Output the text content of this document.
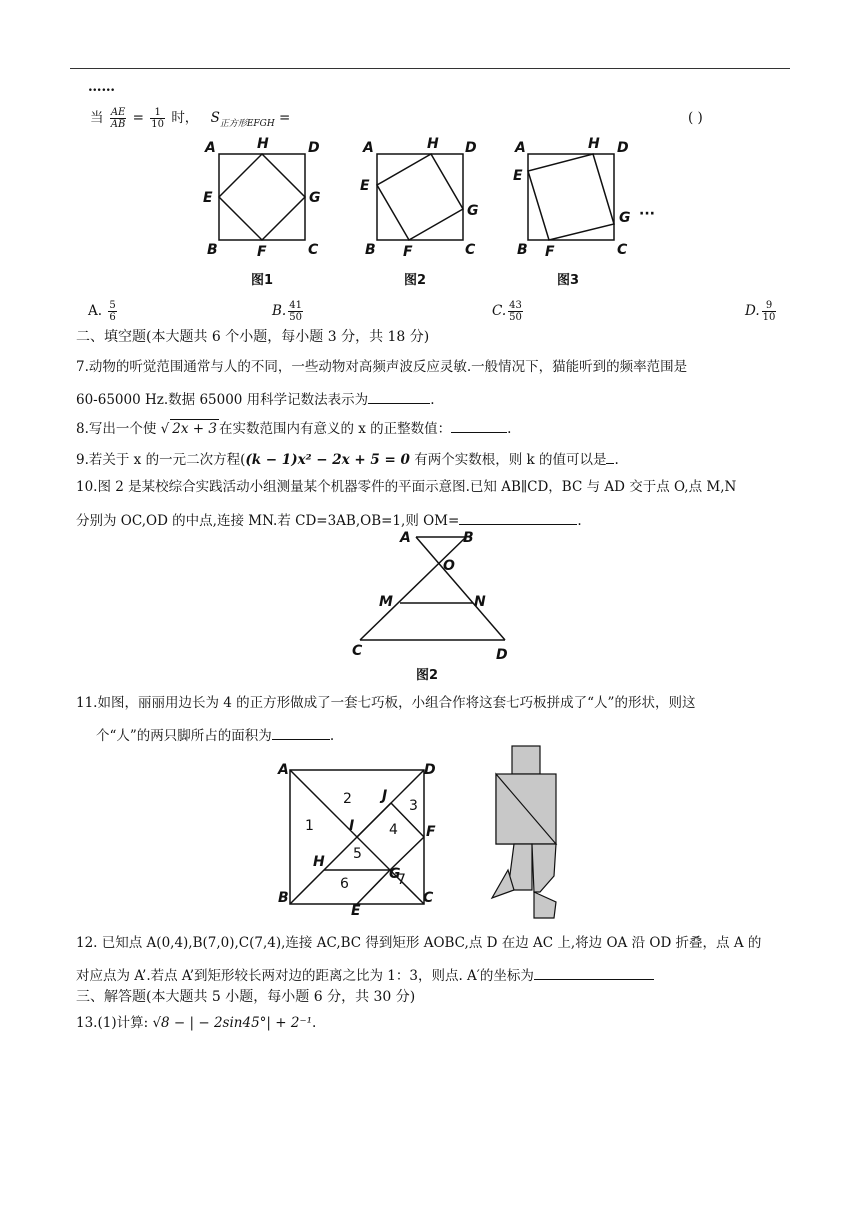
……
当 $\frac{AE}{AB} = \frac{1}{10}$ 时， $S_{正方形EFGH}$ =	( )
A	H	D
E	G
B	F	C
图1
A	H D
E
G
B F	C
图2
A	H D
E
G
B F	C
···
图3
A. $\frac{5}{6}$	B. $\frac{41}{50}$	C. $\frac{43}{50}$	D. $\frac{9}{10}$
二、填空题(本大题共 6 个小题，每小题 3 分，共 18 分)
7.动物的听觉范围通常与人的不同，一些动物对高频声波反应灵敏.一般情况下，猫能听到的频率范围是
60-65000 Hz.数据 65000 用科学记数法表示为	.
8.写出一个使 √ 2x + 3 在实数范围内有意义的 x 的正整数值：	.
9.若关于 x 的一元二次方程((k − 1)x² − 2x + 5 = 0 有两个实数根，则 k 的值可以是 .
10.图 2 是某校综合实践活动小组测量某个机器零件的平面示意图.已知 AB∥CD，BC 与 AD 交于点 O,点 M,N
分别为 OC,OD 的中点,连接 MN.若 CD=3AB,OB=1,则 OM=	.
A	B
O
M	N
C	D
图2
11.如图，丽丽用边长为 4 的正方形做成了一套七巧板，小组合作将这套七巧板拼成了“人”的形状，则这
个“人”的两只脚所占的面积为	.
A	D
B	C
J
F
I
H
G
E
1
2	3
4
5
6	7
12. 已知点 A(0,4),B(7,0),C(7,4),连接 AC,BC 得到矩形 AOBC,点 D 在边 AC 上,将边 OA 沿 OD 折叠，点 A 的
对应点为 A’.若点 A’到矩形较长两对边的距离之比为 1：3，则点. A′的坐标为
三、解答题(本大题共 5 小题，每小题 6 分，共 30 分)
13.(1)计算: √8 − | − 2sin45°| + 2⁻¹.
